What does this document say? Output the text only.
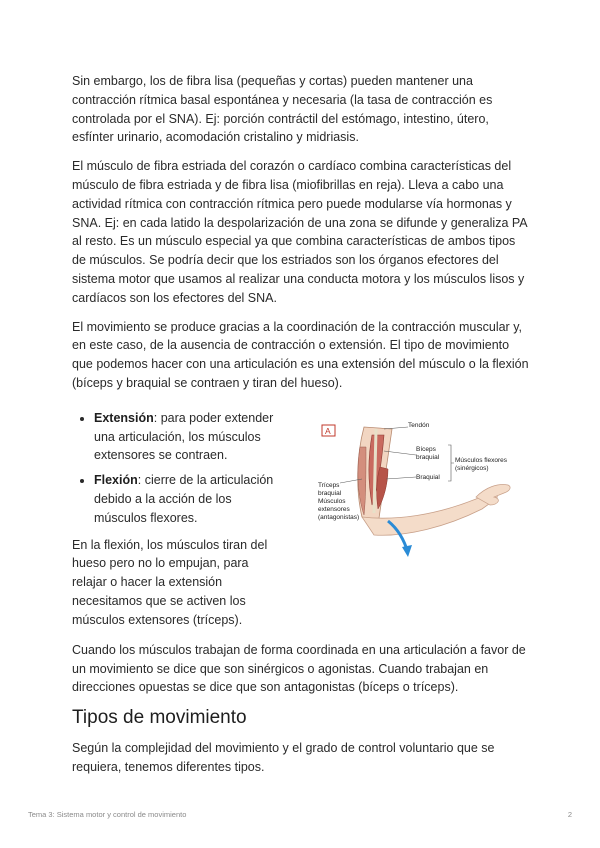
Sin embargo, los de fibra lisa (pequeñas y cortas) pueden mantener una contracción rítmica basal espontánea y necesaria (la tasa de contracción es controlada por el SNA). Ej: porción contráctil del estómago, intestino, útero, esfínter urinario, acomodación cristalino y midriasis.

El músculo de fibra estriada del corazón o cardíaco combina características del músculo de fibra estriada y de fibra lisa (miofibrillas en reja). Lleva a cabo una actividad rítmica con contracción rítmica pero puede modularse vía hormonas y SNA. Ej: en cada latido la despolarización de una zona se difunde y generaliza PA al resto. Es un músculo especial ya que combina características de ambos tipos de músculos. Se podría decir que los estriados son los órganos efectores del sistema motor que usamos al realizar una conducta motora y los músculos lisos y cardíacos son los efectores del SNA.

El movimiento se produce gracias a la coordinación de la contracción muscular y, en este caso, de la ausencia de contracción o extensión. El tipo de movimiento que podemos hacer con una articulación es una extensión del músculo o la flexión (bíceps y braquial se contraen y tiran del hueso).

• Extensión: para poder extender una articulación, los músculos extensores se contraen.
• Flexión: cierre de la articulación debido a la acción de los músculos flexores.

En la flexión, los músculos tiran del hueso pero no lo empujan, para relajar o hacer la extensión necesitamos que se activen los músculos extensores (tríceps).

A
Tendón
Bíceps
braquial
Braquial
Músculos flexores
(sinérgicos)
Tríceps
braquial
Músculos
extensores
(antagonistas)

Cuando los músculos trabajan de forma coordinada en una articulación a favor de un movimiento se dice que son sinérgicos o agonistas. Cuando trabajan en direcciones opuestas se dice que son antagonistas (bíceps o tríceps).

Tipos de movimiento

Según la complejidad del movimiento y el grado de control voluntario que se requiera, tenemos diferentes tipos.

Tema 3: Sistema motor y control de movimiento	2
